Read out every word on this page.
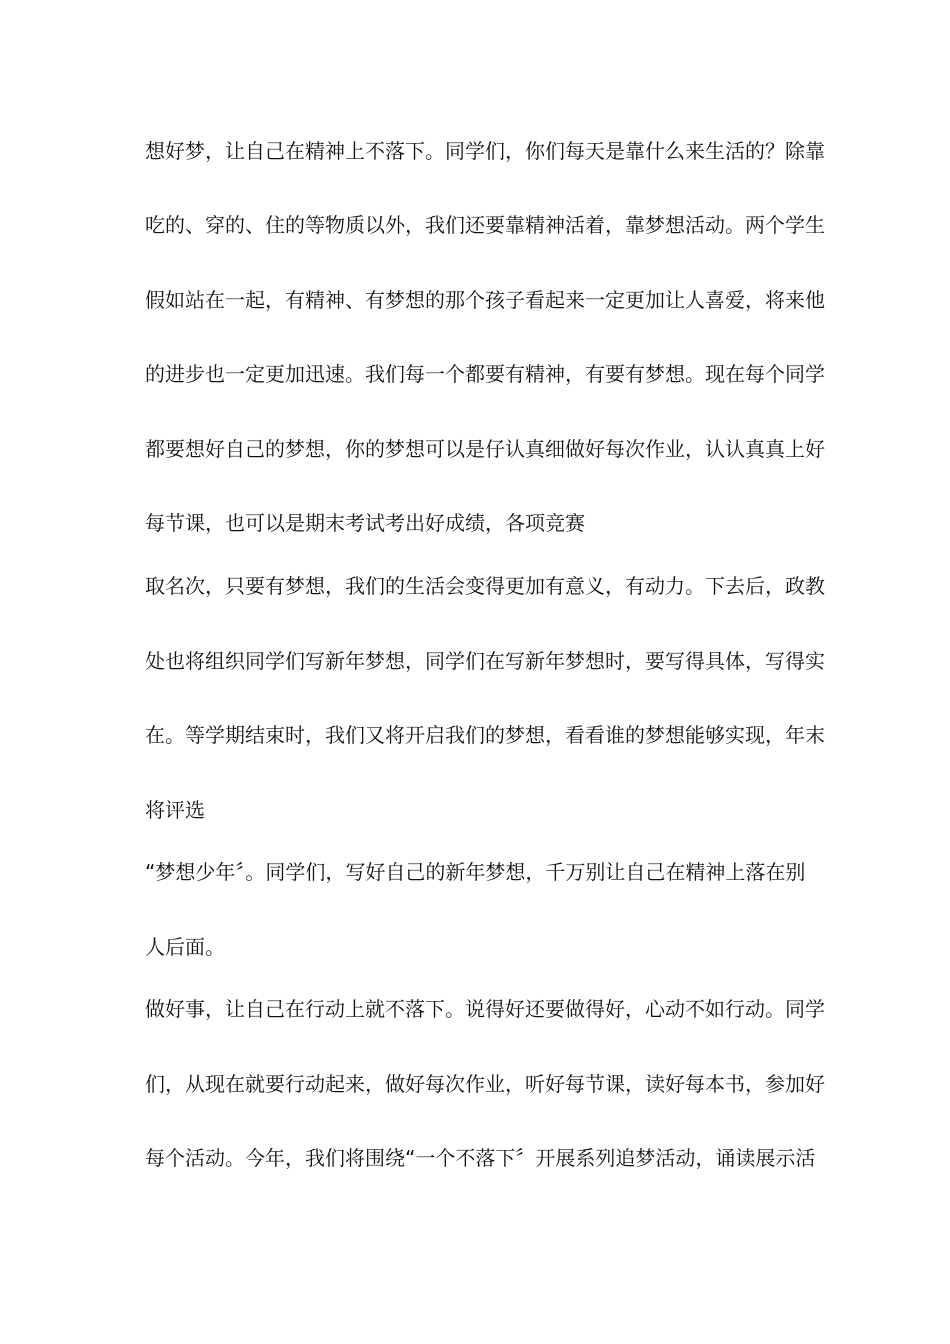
想好梦，让自己在精神上不落下。同学们，你们每天是靠什么来生活的？除靠
吃的、穿的、住的等物质以外，我们还要靠精神活着，靠梦想活动。两个学生
假如站在一起，有精神、有梦想的那个孩子看起来一定更加让人喜爱，将来他
的进步也一定更加迅速。我们每一个都要有精神，有要有梦想。现在每个同学
都要想好自己的梦想，你的梦想可以是仔认真细做好每次作业，认认真真上好
每节课，也可以是期末考试考出好成绩，各项竞赛
取名次，只要有梦想，我们的生活会变得更加有意义，有动力。下去后，政教
处也将组织同学们写新年梦想，同学们在写新年梦想时，要写得具体，写得实
在。等学期结束时，我们又将开启我们的梦想，看看谁的梦想能够实现，年末
将评选
“梦想少年〞。同学们，写好自己的新年梦想，千万别让自己在精神上落在别
人后面。
做好事，让自己在行动上就不落下。说得好还要做得好，心动不如行动。同学
们，从现在就要行动起来，做好每次作业，听好每节课，读好每本书，参加好
每个活动。今年，我们将围绕“一个不落下〞开展系列追梦活动，诵读展示活
